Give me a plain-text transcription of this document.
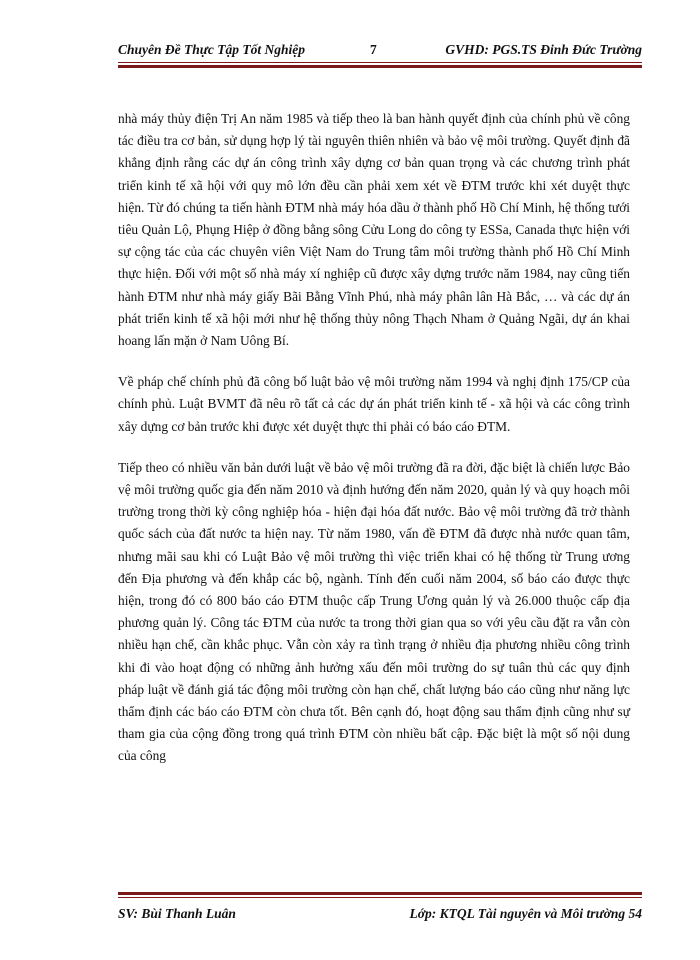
Chuyên Đề Thực Tập Tốt Nghiệp	7	GVHD: PGS.TS Đinh Đức Trường

nhà máy thủy điện Trị An năm 1985 và tiếp theo là ban hành quyết định của chính phủ về công tác điều tra cơ bản, sử dụng hợp lý tài nguyên thiên nhiên và bảo vệ môi trường. Quyết định đã khẳng định rằng các dự án công trình xây dựng cơ bản quan trọng và các chương trình phát triển kinh tế xã hội với quy mô lớn đều cần phải xem xét về ĐTM trước khi xét duyệt thực hiện. Từ đó chúng ta tiến hành ĐTM nhà máy hóa dầu ở thành phố Hồ Chí Minh, hệ thống tưới tiêu Quản Lộ, Phụng Hiệp ở đồng bằng sông Cửu Long do công ty ESSa, Canada thực hiện với sự cộng tác của các chuyên viên Việt Nam do Trung tâm môi trường thành phố Hồ Chí Minh thực hiện. Đối với một số nhà máy xí nghiệp cũ được xây dựng trước năm 1984, nay cũng tiến hành ĐTM như nhà máy giấy Bãi Bằng Vĩnh Phú, nhà máy phân lân Hà Bắc, … và các dự án phát triển kinh tế xã hội mới như hệ thống thủy nông Thạch Nham ở Quảng Ngãi, dự án khai hoang lấn mặn ở Nam Uông Bí.

Về pháp chế chính phủ đã công bố luật bảo vệ môi trường năm 1994 và nghị định 175/CP của chính phủ. Luật BVMT đã nêu rõ tất cả các dự án phát triển kinh tế - xã hội và các công trình xây dựng cơ bản trước khi được xét duyệt thực thi phải có báo cáo ĐTM.

Tiếp theo có nhiều văn bản dưới luật về bảo vệ môi trường đã ra đời, đặc biệt là chiến lược Bảo vệ môi trường quốc gia đến năm 2010 và định hướng đến năm 2020, quản lý và quy hoạch môi trường trong thời kỳ công nghiệp hóa - hiện đại hóa đất nước. Bảo vệ môi trường đã trở thành quốc sách của đất nước ta hiện nay. Từ năm 1980, vấn đề ĐTM đã được nhà nước quan tâm, nhưng mãi sau khi có Luật Bảo vệ môi trường thì việc triển khai có hệ thống từ Trung ương đến Địa phương và đến khắp các bộ, ngành. Tính đến cuối năm 2004, số báo cáo được thực hiện, trong đó có 800 báo cáo ĐTM thuộc cấp Trung Ương quản lý và 26.000 thuộc cấp địa phương quản lý. Công tác ĐTM của nước ta trong thời gian qua so với yêu cầu đặt ra vẫn còn nhiều hạn chế, cần khắc phục. Vẫn còn xảy ra tình trạng ở nhiều địa phương nhiều công trình khi đi vào hoạt động có những ảnh hưởng xấu đến môi trường do sự tuân thủ các quy định pháp luật về đánh giá tác động môi trường còn hạn chế, chất lượng báo cáo cũng như năng lực thẩm định các báo cáo ĐTM còn chưa tốt. Bên cạnh đó, hoạt động sau thẩm định cũng như sự tham gia của cộng đồng trong quá trình ĐTM còn nhiều bất cập. Đặc biệt là một số nội dung của công

SV: Bùi Thanh Luân	Lớp: KTQL Tài nguyên và Môi trường 54
